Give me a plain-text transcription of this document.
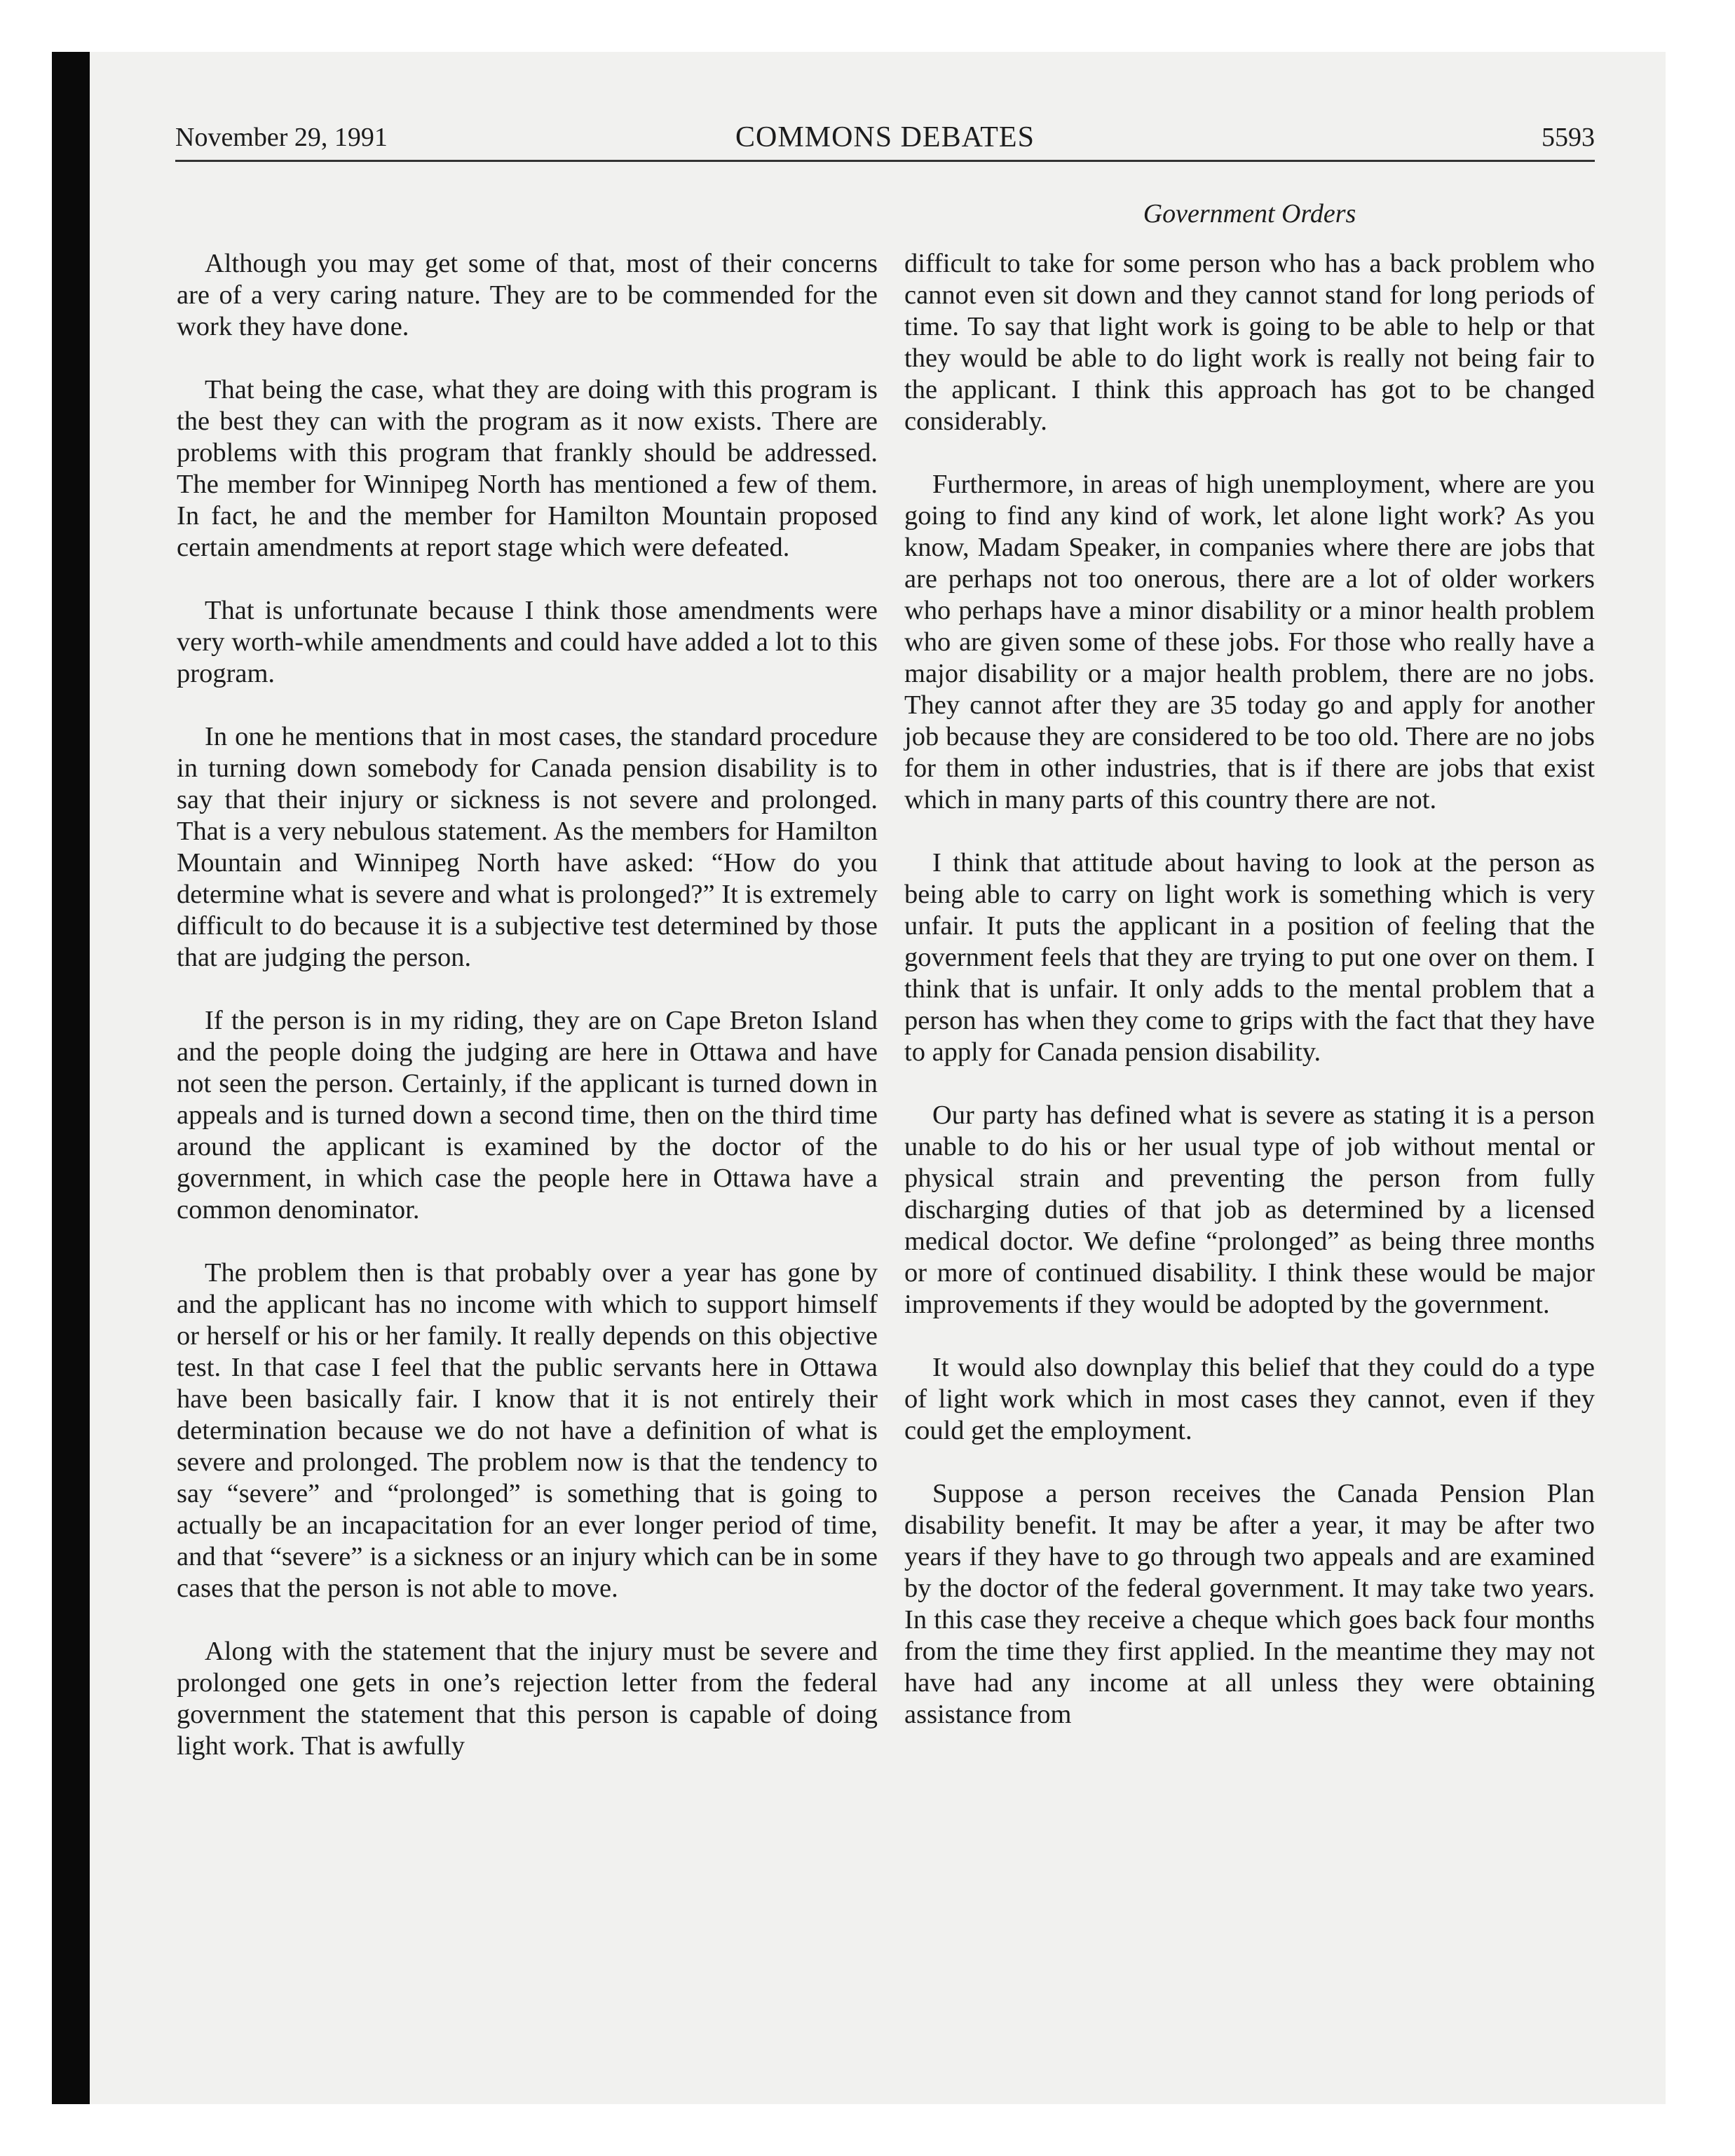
November 29, 1991	COMMONS DEBATES	5593
Government Orders

Although you may get some of that, most of their concerns are of a very caring nature. They are to be commended for the work they have done.

That being the case, what they are doing with this program is the best they can with the program as it now exists. There are problems with this program that frankly should be addressed. The member for Winnipeg North has mentioned a few of them. In fact, he and the member for Hamilton Mountain proposed certain amendments at report stage which were defeated.

That is unfortunate because I think those amendments were very worth-while amendments and could have added a lot to this program.

In one he mentions that in most cases, the standard procedure in turning down somebody for Canada pension disability is to say that their injury or sickness is not severe and prolonged. That is a very nebulous statement. As the members for Hamilton Mountain and Winnipeg North have asked: “How do you determine what is severe and what is prolonged?” It is extremely difficult to do because it is a subjective test determined by those that are judging the person.

If the person is in my riding, they are on Cape Breton Island and the people doing the judging are here in Ottawa and have not seen the person. Certainly, if the applicant is turned down in appeals and is turned down a second time, then on the third time around the applicant is examined by the doctor of the government, in which case the people here in Ottawa have a common denominator.

The problem then is that probably over a year has gone by and the applicant has no income with which to support himself or herself or his or her family. It really depends on this objective test. In that case I feel that the public servants here in Ottawa have been basically fair. I know that it is not entirely their determination because we do not have a definition of what is severe and prolonged. The problem now is that the tendency to say “severe” and “prolonged” is something that is going to actually be an incapacitation for an ever longer period of time, and that “severe” is a sickness or an injury which can be in some cases that the person is not able to move.

Along with the statement that the injury must be severe and prolonged one gets in one’s rejection letter from the federal government the statement that this person is capable of doing light work. That is awfully

difficult to take for some person who has a back problem who cannot even sit down and they cannot stand for long periods of time. To say that light work is going to be able to help or that they would be able to do light work is really not being fair to the applicant. I think this approach has got to be changed considerably.

Furthermore, in areas of high unemployment, where are you going to find any kind of work, let alone light work? As you know, Madam Speaker, in companies where there are jobs that are perhaps not too onerous, there are a lot of older workers who perhaps have a minor disability or a minor health problem who are given some of these jobs. For those who really have a major disability or a major health problem, there are no jobs. They cannot after they are 35 today go and apply for another job because they are considered to be too old. There are no jobs for them in other industries, that is if there are jobs that exist which in many parts of this country there are not.

I think that attitude about having to look at the person as being able to carry on light work is something which is very unfair. It puts the applicant in a position of feeling that the government feels that they are trying to put one over on them. I think that is unfair. It only adds to the mental problem that a person has when they come to grips with the fact that they have to apply for Canada pension disability.

Our party has defined what is severe as stating it is a person unable to do his or her usual type of job without mental or physical strain and preventing the person from fully discharging duties of that job as determined by a licensed medical doctor. We define “prolonged” as being three months or more of continued disability. I think these would be major improvements if they would be adopted by the government.

It would also downplay this belief that they could do a type of light work which in most cases they cannot, even if they could get the employment.

Suppose a person receives the Canada Pension Plan disability benefit. It may be after a year, it may be after two years if they have to go through two appeals and are examined by the doctor of the federal government. It may take two years. In this case they receive a cheque which goes back four months from the time they first applied. In the meantime they may not have had any income at all unless they were obtaining assistance from
